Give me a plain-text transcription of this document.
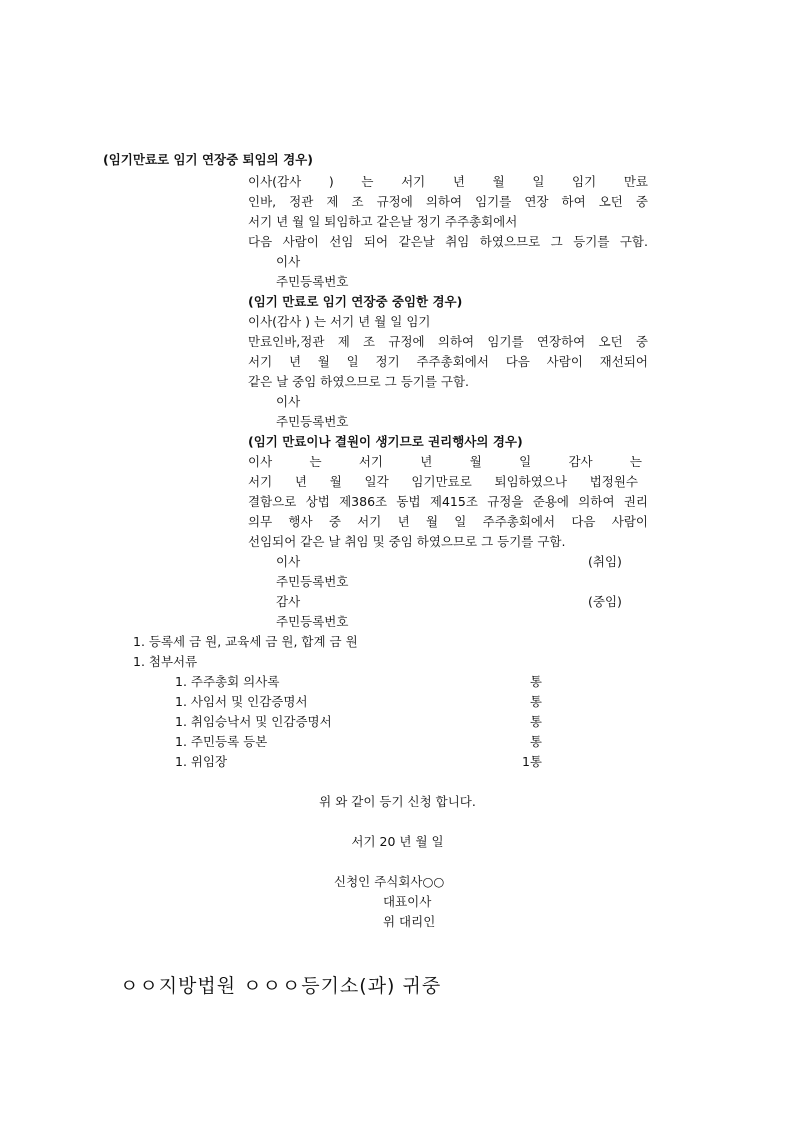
(임기만료로 임기 연장중 퇴임의 경우)
이사(감사 ) 는 서기 년 월 일 임기 만료
인바, 정관 제 조 규정에 의하여 임기를 연장 하여 오던 중
서기 년 월 일 퇴임하고 같은날 정기 주주총회에서
다음 사람이 선임 되어 같은날 취임 하였으므로 그 등기를 구함.
이사
주민등록번호
(임기 만료로 임기 연장중 중임한 경우)
이사(감사 ) 는 서기 년 월 일 임기
만료인바,정관 제 조 규정에 의하여 임기를 연장하여 오던 중
서기 년 월 일 정기 주주총회에서 다음 사람이 재선되어
같은 날 중임 하였으므로 그 등기를 구함.
이사
주민등록번호
(임기 만료이나 결원이 생기므로 권리행사의 경우)
이사 는 서기 년 월 일 감사 는
서기 년 월 일각 임기만료로 퇴임하였으나 법정원수
결함으로 상법 제386조 동법 제415조 규정을 준용에 의하여 권리
의무 행사 중 서기 년 월 일 주주총회에서 다음 사람이
선임되어 같은 날 취임 및 중임 하였으므로 그 등기를 구함.
이사	(취임)
주민등록번호
감사	(중임)
주민등록번호
1. 등록세 금 원, 교육세 금 원, 합계 금 원
1. 첨부서류
1. 주주총회 의사록	통
1. 사임서 및 인감증명서	통
1. 취임승낙서 및 인감증명서	통
1. 주민등록 등본	통
1. 위임장	1통
위 와 같이 등기 신청 합니다.
서기 20 년 월 일
신청인 주식회사○○
대표이사
위 대리인
ㅇㅇ지방법원 ㅇㅇㅇ등기소(과) 귀중
